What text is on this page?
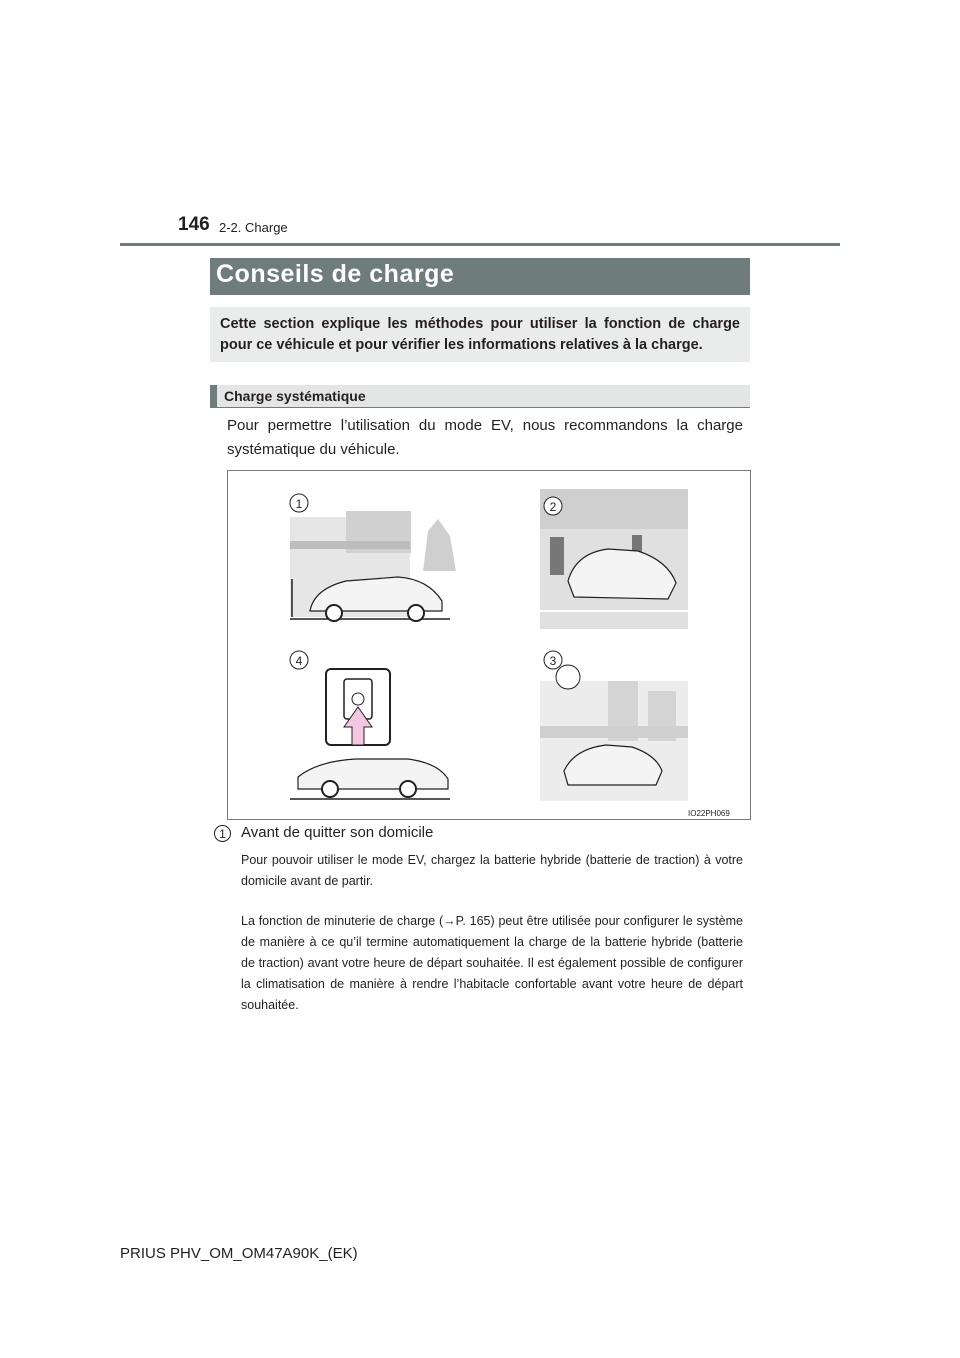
146 2-2. Charge
Conseils de charge
Cette section explique les méthodes pour utiliser la fonction de charge pour ce véhicule et pour vérifier les informations relatives à la charge.
Charge systématique
Pour permettre l’utilisation du mode EV, nous recommandons la charge systématique du véhicule.
1	2
4	3
IO22PH069
1	Avant de quitter son domicile
Pour pouvoir utiliser le mode EV, chargez la batterie hybride (batterie de traction) à votre domicile avant de partir.
La fonction de minuterie de charge (→P. 165) peut être utilisée pour configurer le système de manière à ce qu’il termine automatiquement la charge de la batterie hybride (batterie de traction) avant votre heure de départ souhaitée. Il est également possible de configurer la climatisation de manière à rendre l’habitacle confortable avant votre heure de départ souhaitée.
PRIUS PHV_OM_OM47A90K_(EK)
